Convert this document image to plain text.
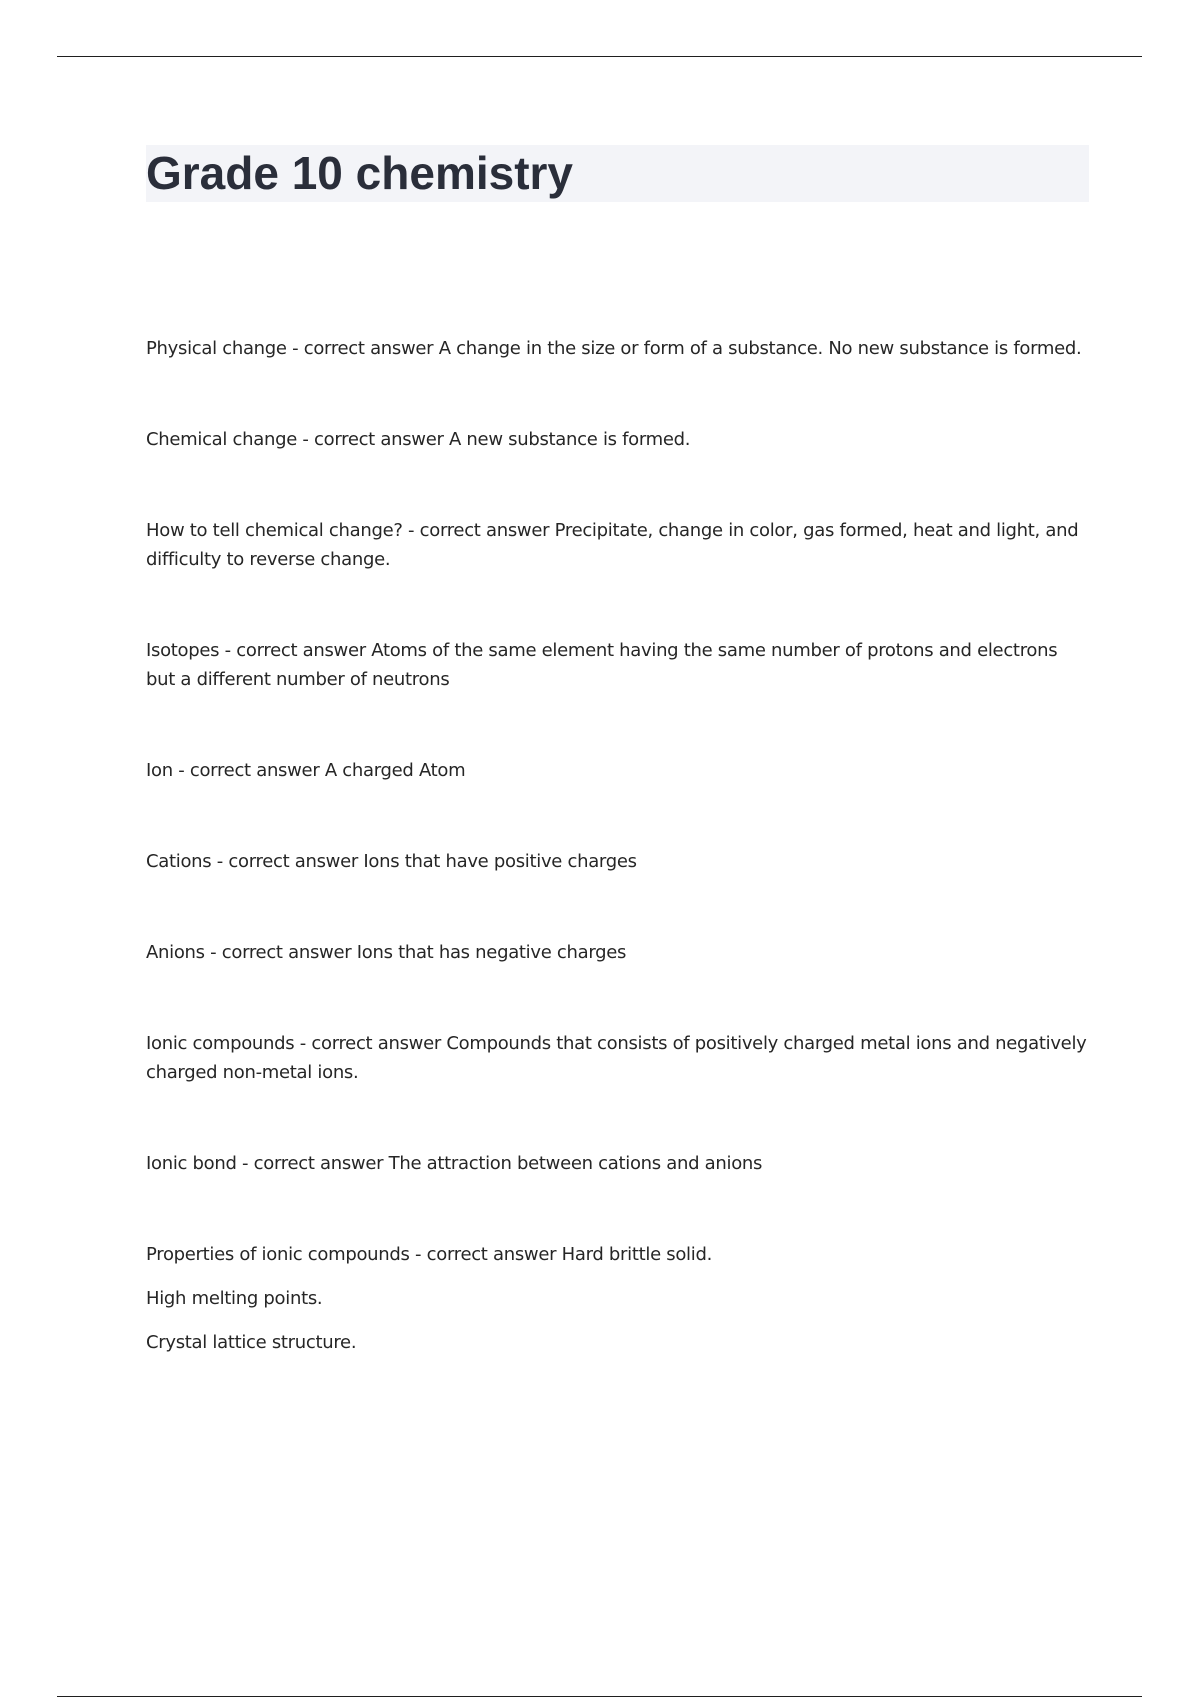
Grade 10 chemistry

Physical change - correct answer A change in the size or form of a substance. No new substance is formed.

Chemical change - correct answer A new substance is formed.

How to tell chemical change? - correct answer Precipitate, change in color, gas formed, heat and light, and difficulty to reverse change.

Isotopes - correct answer Atoms of the same element having the same number of protons and electrons but a different number of neutrons

Ion - correct answer A charged Atom

Cations - correct answer Ions that have positive charges

Anions - correct answer Ions that has negative charges

Ionic compounds - correct answer Compounds that consists of positively charged metal ions and negatively charged non-metal ions.

Ionic bond - correct answer The attraction between cations and anions

Properties of ionic compounds - correct answer Hard brittle solid.

High melting points.

Crystal lattice structure.
